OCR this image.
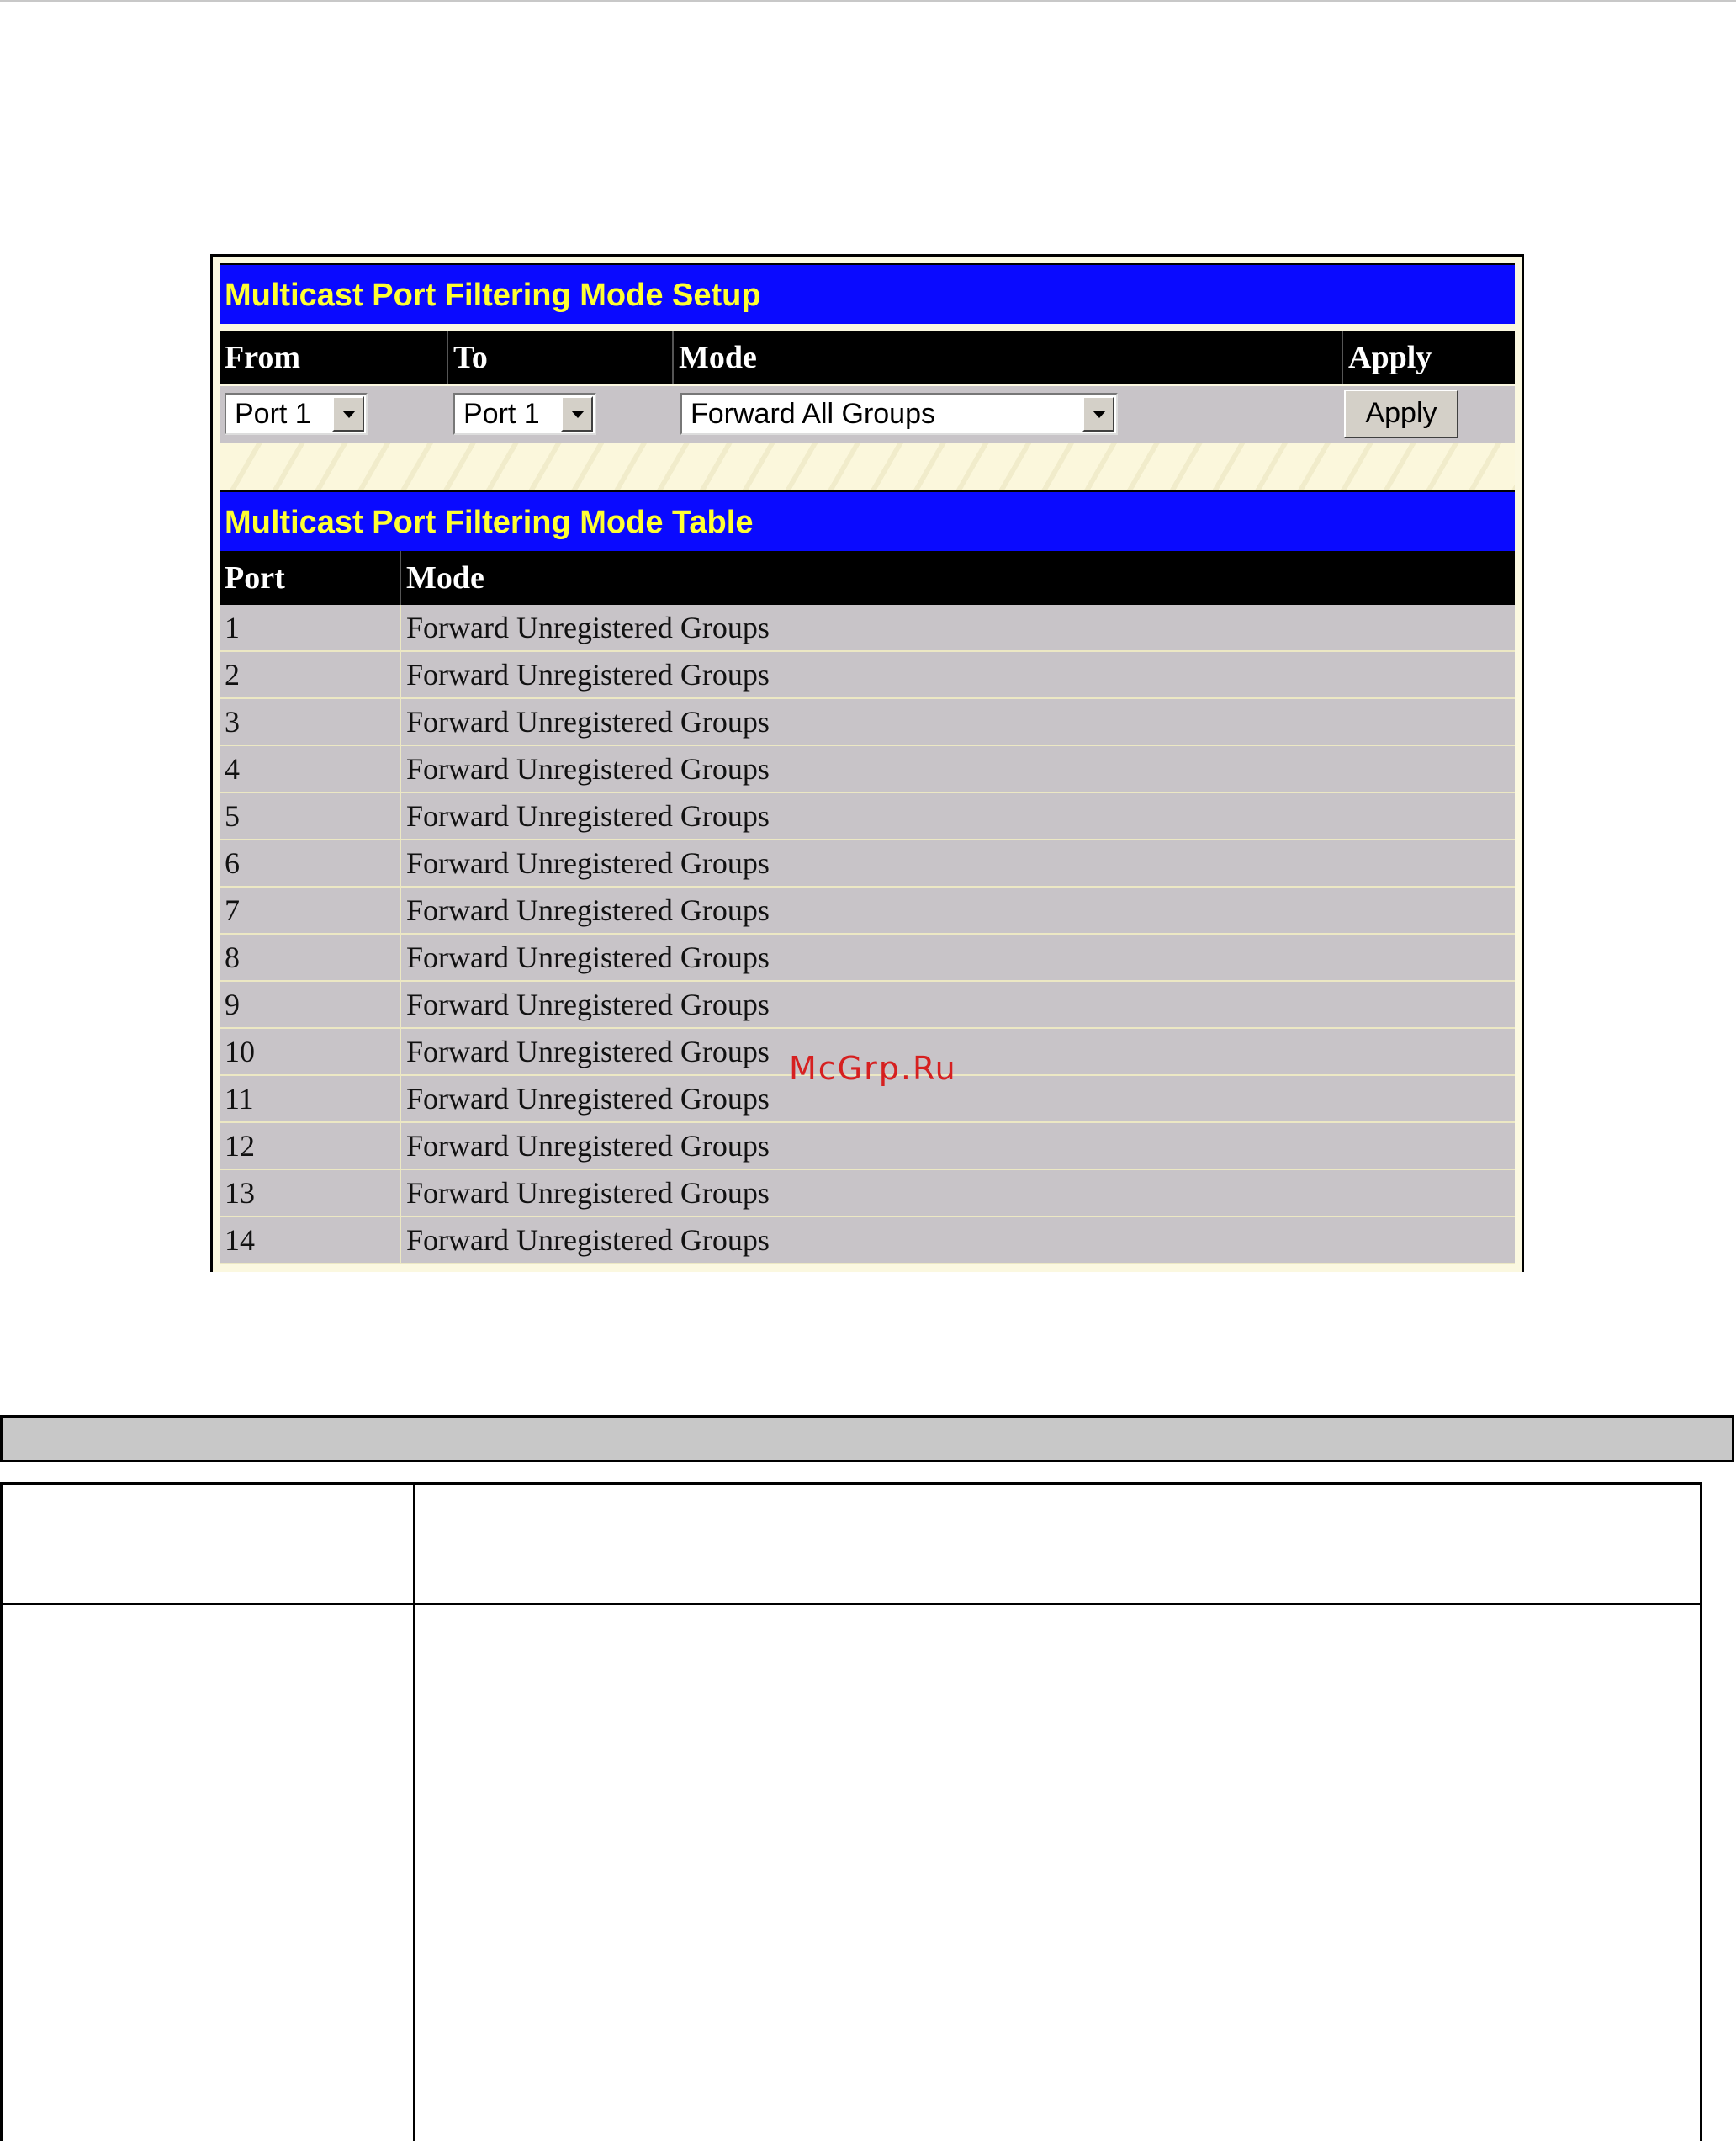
Multicast Port Filtering Mode Setup
From	To	Mode	Apply
Port 1	Port 1	Forward All Groups	Apply
Multicast Port Filtering Mode Table
Port	Mode
1	Forward Unregistered Groups
2	Forward Unregistered Groups
3	Forward Unregistered Groups
4	Forward Unregistered Groups
5	Forward Unregistered Groups
6	Forward Unregistered Groups
7	Forward Unregistered Groups
8	Forward Unregistered Groups
9	Forward Unregistered Groups
10	Forward Unregistered Groups
11	Forward Unregistered Groups
12	Forward Unregistered Groups
13	Forward Unregistered Groups
14	Forward Unregistered Groups
McGrp.Ru
